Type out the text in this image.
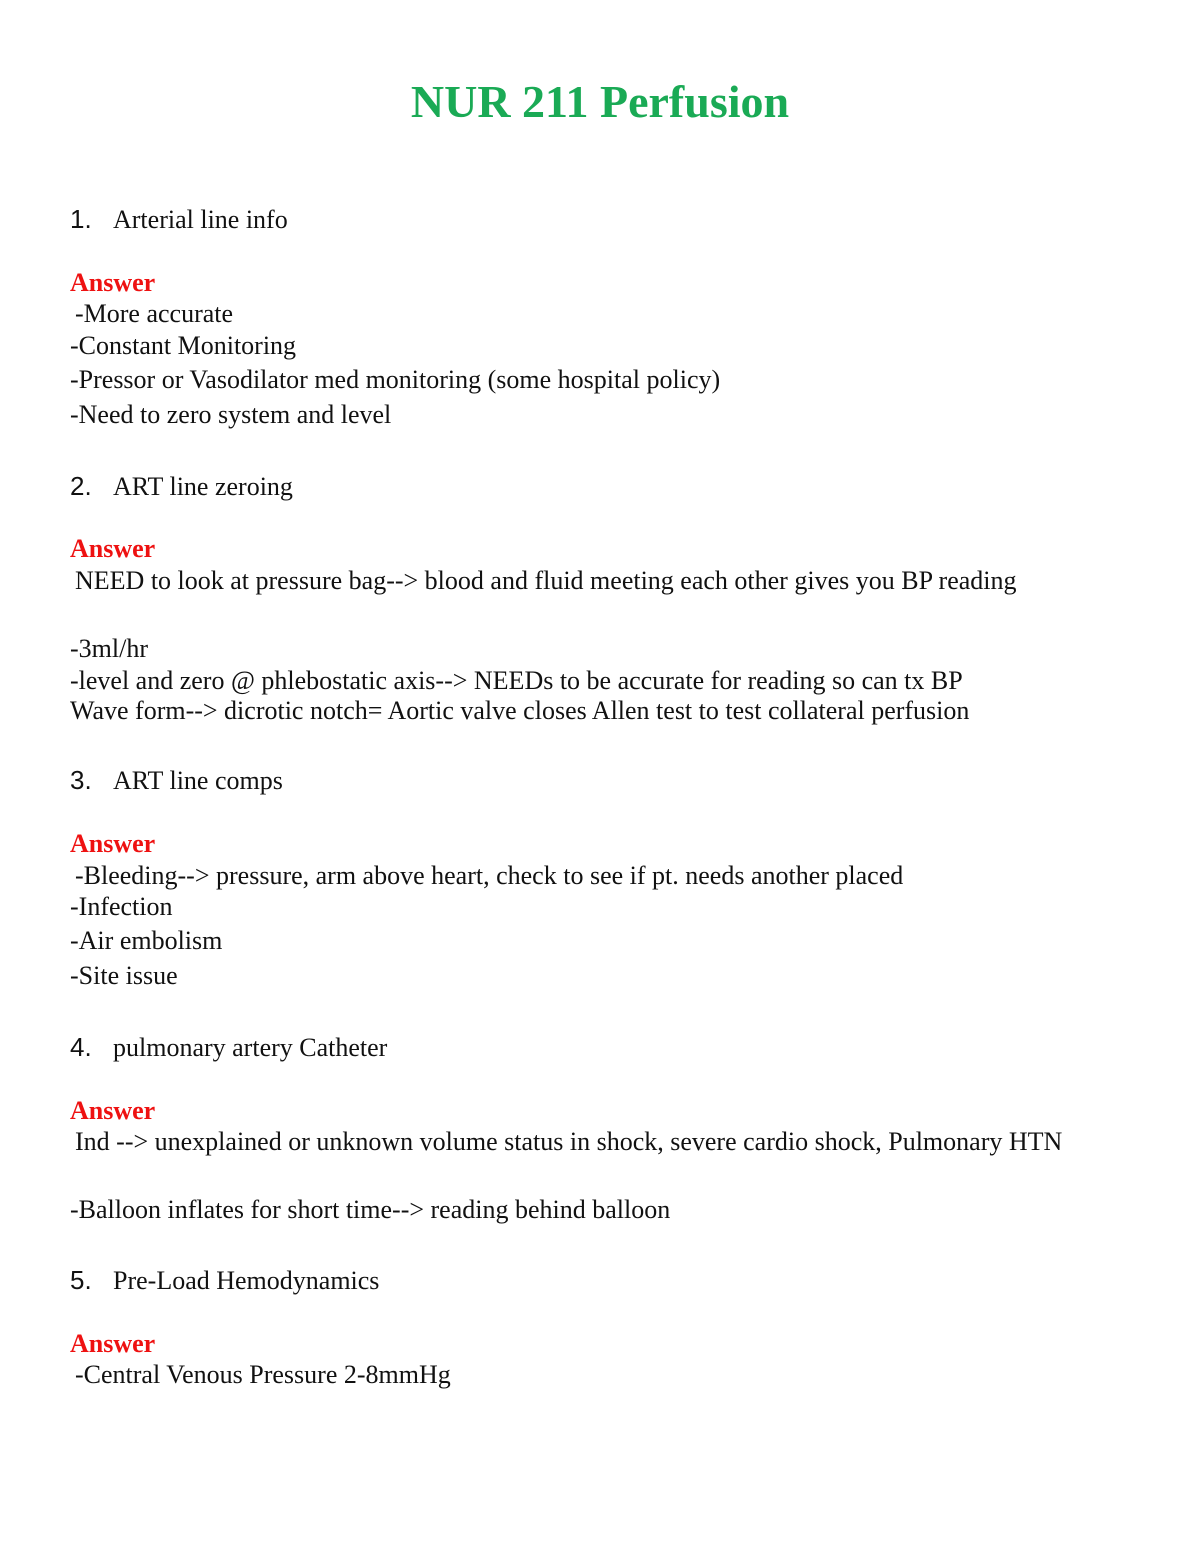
NUR 211 Perfusion
1. Arterial line info
Answer
-More accurate
-Constant Monitoring
-Pressor or Vasodilator med monitoring (some hospital policy)
-Need to zero system and level
2. ART line zeroing
Answer
NEED to look at pressure bag--> blood and fluid meeting each other gives you BP reading
-3ml/hr
-level and zero @ phlebostatic axis--> NEEDs to be accurate for reading so can tx BP
Wave form--> dicrotic notch= Aortic valve closes Allen test to test collateral perfusion
3. ART line comps
Answer
-Bleeding--> pressure, arm above heart, check to see if pt. needs another placed
-Infection
-Air embolism
-Site issue
4. pulmonary artery Catheter
Answer
Ind --> unexplained or unknown volume status in shock, severe cardio shock, Pulmonary HTN
-Balloon inflates for short time--> reading behind balloon
5. Pre-Load Hemodynamics
Answer
-Central Venous Pressure 2-8mmHg
